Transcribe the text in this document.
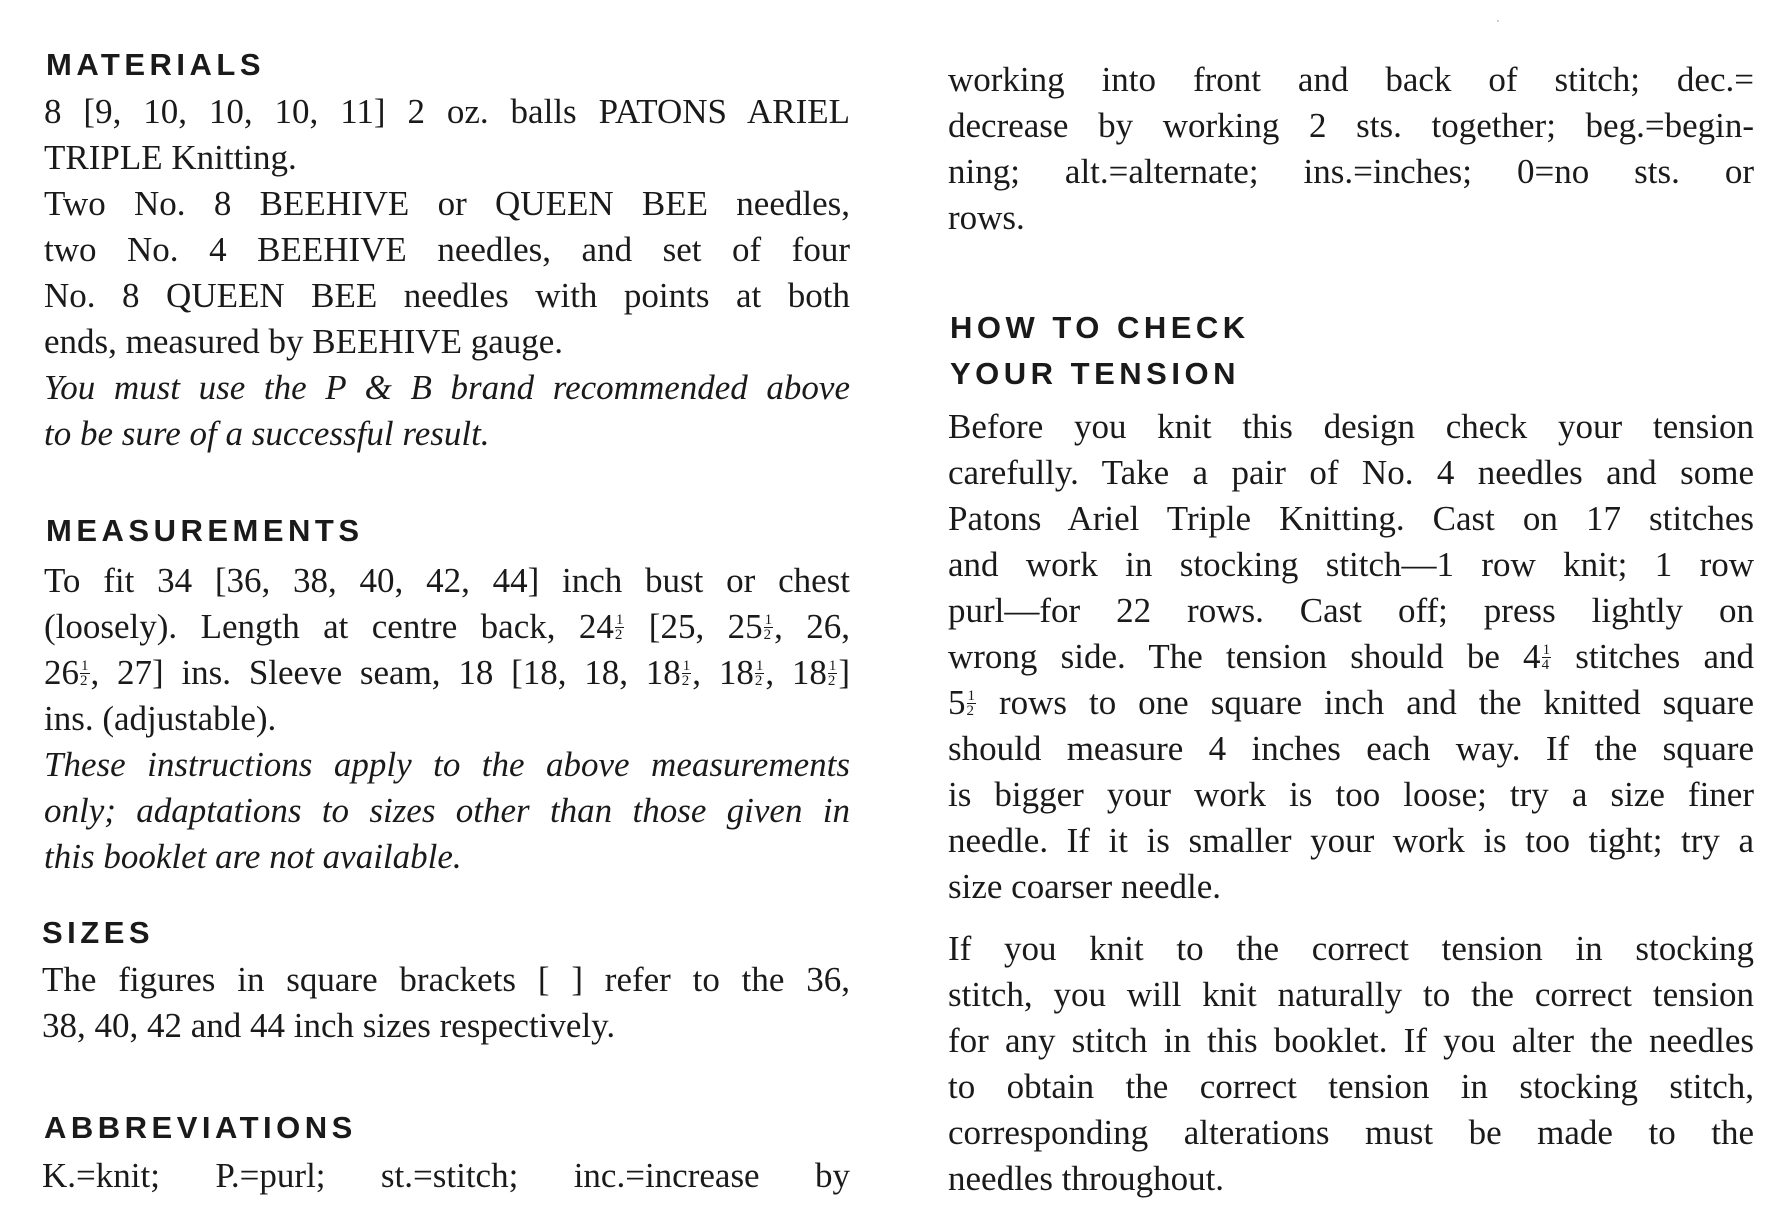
MATERIALS
8 [9, 10, 10, 10, 11] 2 oz. balls PATONS ARIEL
TRIPLE Knitting.
Two No. 8 BEEHIVE or QUEEN BEE needles,
two No. 4 BEEHIVE needles, and set of four
No. 8 QUEEN BEE needles with points at both
ends, measured by BEEHIVE gauge.
You must use the P & B brand recommended above
to be sure of a successful result.
MEASUREMENTS
To fit 34 [36, 38, 40, 42, 44] inch bust or chest
(loosely). Length at centre back, $24 \frac{1}{2} [25$, $25 \frac{1}{2}$ , 26,
$26 \frac{1}{2}$ , 27] ins. Sleeve seam, 18 [18, 18, $18 \frac{1}{2}$ , $18 \frac{1}{2}$ , $18 \frac{1}{2}$ ]
ins. (adjustable).
These instructions apply to the above measurements
only; adaptations to sizes other than those given in
this booklet are not available.
SIZES
The figures in square brackets [ ] refer to the 36,
38, 40, 42 and 44 inch sizes respectively.
ABBREVIATIONS
K.=knit; P.=purl; st.=stitch; inc.=increase by
working into front and back of stitch; dec.=
decrease by working 2 sts. together; beg.=begin-
ning; alt.=alternate; ins.=inches; 0=no sts. or
rows.
HOW TO CHECK
YOUR TENSION
Before you knit this design check your tension
carefully. Take a pair of No. 4 needles and some
Patons Ariel Triple Knitting. Cast on 17 stitches
and work in stocking stitch—1 row knit; 1 row
purl—for 22 rows. Cast off; press lightly on
wrong side. The tension should be $4 \frac{1}{4}$ stitches and
$5 \frac{1}{2}$ rows to one square inch and the knitted square
should measure 4 inches each way. If the square
is bigger your work is too loose; try a size finer
needle. If it is smaller your work is too tight; try a
size coarser needle.
If you knit to the correct tension in stocking
stitch, you will knit naturally to the correct tension
for any stitch in this booklet. If you alter the needles
to obtain the correct tension in stocking stitch,
corresponding alterations must be made to the
needles throughout.
